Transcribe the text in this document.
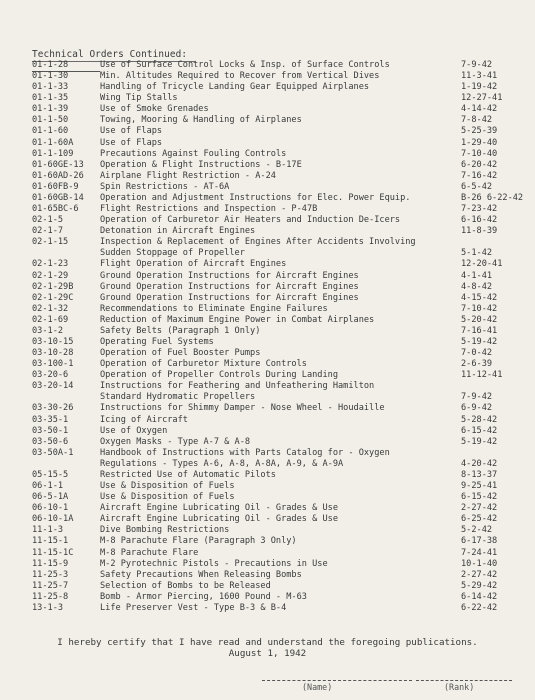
Technical Orders Continued:
01-1-28	Use of Surface Control Locks & Insp. of Surface Controls	7-9-42
01-1-30	Min. Altitudes Required to Recover from Vertical Dives	11-3-41
01-1-33	Handling of Tricycle Landing Gear Equipped Airplanes	1-19-42
01-1-35	Wing Tip Stalls	12-27-41
01-1-39	Use of Smoke Grenades	4-14-42
01-1-50	Towing, Mooring & Handling of Airplanes	7-8-42
01-1-60	Use of Flaps	5-25-39
01-1-60A	Use of Flaps	1-29-40
01-1-109	Precautions Against Fouling Controls	7-10-40
01-60GE-13	Operation & Flight Instructions - B-17E	6-20-42
01-60AD-26	Airplane Flight Restriction - A-24	7-16-42
01-60FB-9	Spin Restrictions - AT-6A	6-5-42
01-60GB-14	Operation and Adjustment Instructions for Elec. Power Equip.	B-26 6-22-42
01-65BC-6	Flight Restrictions and Inspection - P-47B	7-23-42
02-1-5	Operation of Carburetor Air Heaters and Induction De-Icers	6-16-42
02-1-7	Detonation in Aircraft Engines	11-8-39
02-1-15	Inspection & Replacement of Engines After Accidents Involving
Sudden Stoppage of Propeller	5-1-42
02-1-23	Flight Operation of Aircraft Engines	12-20-41
02-1-29	Ground Operation Instructions for Aircraft Engines	4-1-41
02-1-29B	Ground Operation Instructions for Aircraft Engines	4-8-42
02-1-29C	Ground Operation Instructions for Aircraft Engines	4-15-42
02-1-32	Recommendations to Eliminate Engine Failures	7-10-42
02-1-69	Reduction of Maximum Engine Power in Combat Airplanes	5-20-42
03-1-2	Safety Belts (Paragraph 1 Only)	7-16-41
03-10-15	Operating Fuel Systems	5-19-42
03-10-28	Operation of Fuel Booster Pumps	7-0-42
03-100-1	Operation of Carburetor Mixture Controls	2-6-39
03-20-6	Operation of Propeller Controls During Landing	11-12-41
03-20-14	Instructions for Feathering and Unfeathering Hamilton
Standard Hydromatic Propellers	7-9-42
03-30-26	Instructions for Shimmy Damper - Nose Wheel - Houdaille	6-9-42
03-35-1	Icing of Aircraft	5-28-42
03-50-1	Use of Oxygen	6-15-42
03-50-6	Oxygen Masks - Type A-7 & A-8	5-19-42
03-50A-1	Handbook of Instructions with Parts Catalog for - Oxygen
Regulations - Types A-6, A-8, A-8A, A-9, & A-9A	4-20-42
05-15-5	Restricted Use of Automatic Pilots	8-13-37
06-1-1	Use & Disposition of Fuels	9-25-41
06-5-1A	Use & Disposition of Fuels	6-15-42
06-10-1	Aircraft Engine Lubricating Oil - Grades & Use	2-27-42
06-10-1A	Aircraft Engine Lubricating Oil - Grades & Use	6-25-42
11-1-3	Dive Bombing Restrictions	5-2-42
11-15-1	M-8 Parachute Flare (Paragraph 3 Only)	6-17-38
11-15-1C	M-8 Parachute Flare	7-24-41
11-15-9	M-2 Pyrotechnic Pistols - Precautions in Use	10-1-40
11-25-3	Safety Precautions When Releasing Bombs	2-27-42
11-25-7	Selection of Bombs to be Released	5-29-42
11-25-8	Bomb - Armor Piercing, 1600 Pound - M-63	6-14-42
13-1-3	Life Preserver Vest - Type B-3 & B-4	6-22-42
I hereby certify that I have read and understand the foregoing publications.
August 1, 1942
(Name)	(Rank)
